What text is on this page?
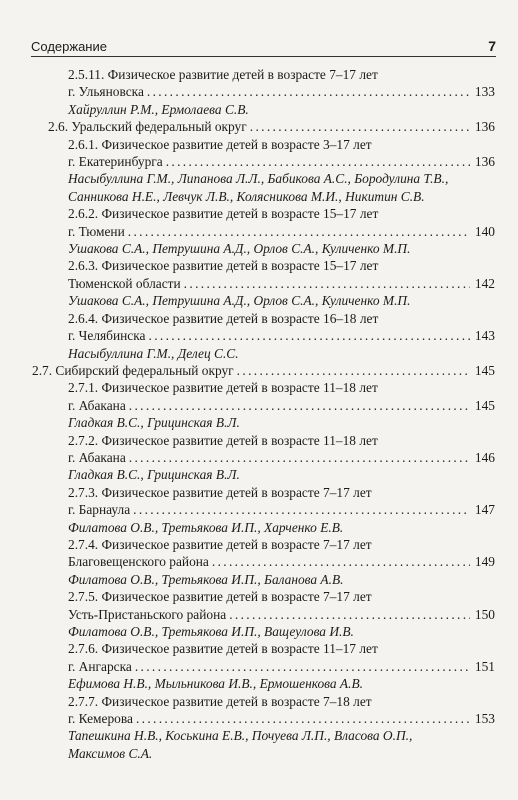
Содержание	7
2.5.11. Физическое развитие детей в возрасте 7–17 лет
г. Ульяновска . . .	133
Хайруллин Р.М., Ермолаева С.В.
2.6. Уральский федеральный округ . . .	136
2.6.1. Физическое развитие детей в возрасте 3–17 лет
г. Екатеринбурга . . .	136
Насыбуллина Г.М., Липанова Л.Л., Бабикова А.С., Бородулина Т.В.,
Санникова Н.Е., Левчук Л.В., Колясникова М.И., Никитин С.В.
2.6.2. Физическое развитие детей в возрасте 15–17 лет
г. Тюмени . . .	140
Ушакова С.А., Петрушина А.Д., Орлов С.А., Куличенко М.П.
2.6.3. Физическое развитие детей в возрасте 15–17 лет
Тюменской области . . .	142
Ушакова С.А., Петрушина А.Д., Орлов С.А., Куличенко М.П.
2.6.4. Физическое развитие детей в возрасте 16–18 лет
г. Челябинска . . .	143
Насыбуллина Г.М., Делец С.С.
2.7. Сибирский федеральный округ . . .	145
2.7.1. Физическое развитие детей в возрасте 11–18 лет
г. Абакана . . .	145
Гладкая В.С., Грицинская В.Л.
2.7.2. Физическое развитие детей в возрасте 11–18 лет
г. Абакана . . .	146
Гладкая В.С., Грицинская В.Л.
2.7.3. Физическое развитие детей в возрасте 7–17 лет
г. Барнаула . . .	147
Филатова О.В., Третьякова И.П., Харченко Е.В.
2.7.4. Физическое развитие детей в возрасте 7–17 лет
Благовещенского района . . .	149
Филатова О.В., Третьякова И.П., Баланова А.В.
2.7.5. Физическое развитие детей в возрасте 7–17 лет
Усть-Пристаньского района . . .	150
Филатова О.В., Третьякова И.П., Ващеулова И.В.
2.7.6. Физическое развитие детей в возрасте 11–17 лет
г. Ангарска . . .	151
Ефимова Н.В., Мыльникова И.В., Ермошенкова А.В.
2.7.7. Физическое развитие детей в возрасте 7–18 лет
г. Кемерова . . .	153
Тапешкина Н.В., Коськина Е.В., Почуева Л.П., Власова О.П.,
Максимов С.А.
